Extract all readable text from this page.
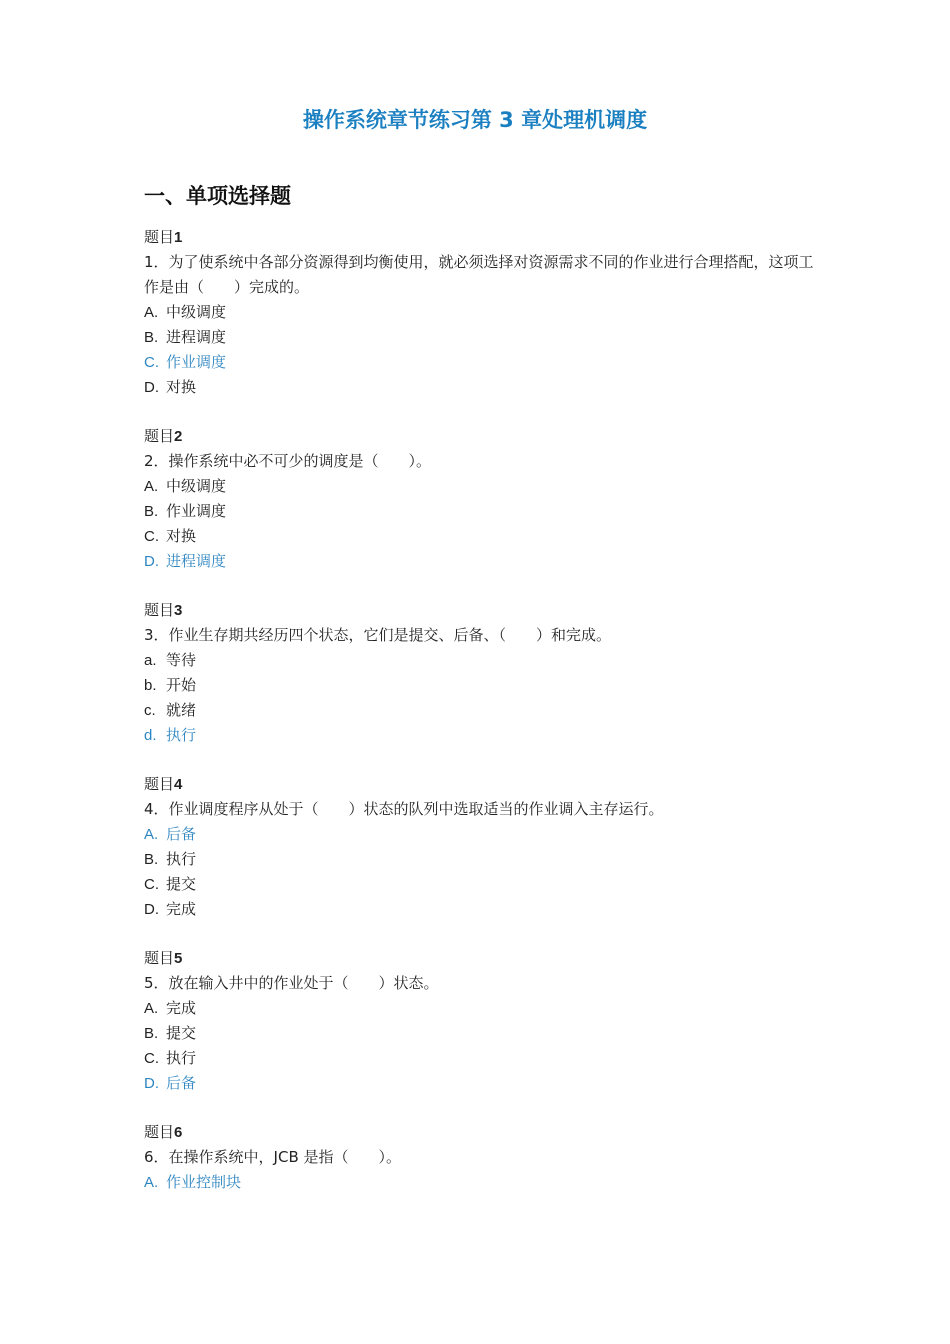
操作系统章节练习第 3 章处理机调度
一、单项选择题
题目1
1．为了使系统中各部分资源得到均衡使用，就必须选择对资源需求不同的作业进行合理搭配，这项工作是由（　　）完成的。
A. 中级调度
B. 进程调度
C. 作业调度
D. 对换
题目2
2．操作系统中必不可少的调度是（　　）。
A. 中级调度
B. 作业调度
C. 对换
D. 进程调度
题目3
3．作业生存期共经历四个状态，它们是提交、后备、（　　）和完成。
a. 等待
b. 开始
c. 就绪
d. 执行
题目4
4．作业调度程序从处于（　　）状态的队列中选取适当的作业调入主存运行。
A. 后备
B. 执行
C. 提交
D. 完成
题目5
5．放在输入井中的作业处于（　　）状态。
A. 完成
B. 提交
C. 执行
D. 后备
题目6
6．在操作系统中，JCB 是指（　　）。
A. 作业控制块
